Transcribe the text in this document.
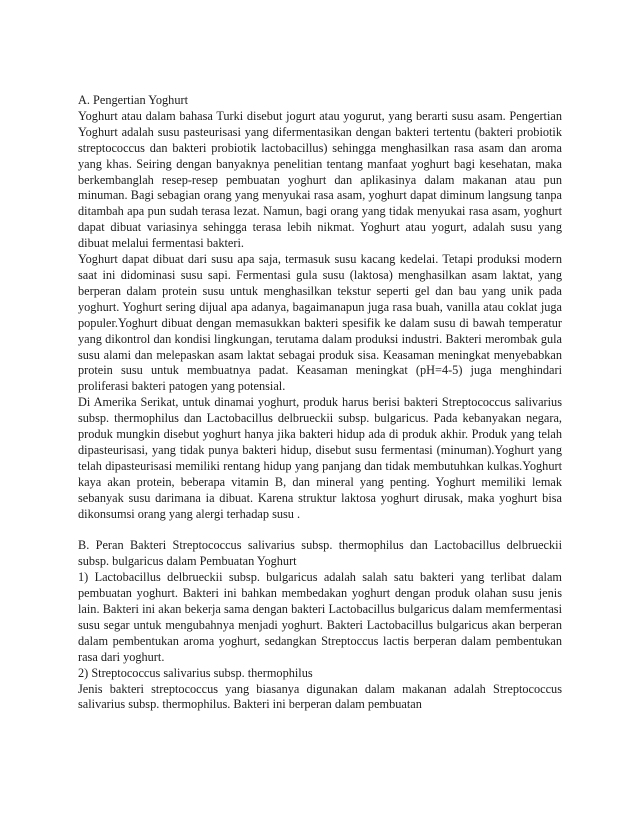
A. Pengertian Yoghurt

Yoghurt atau dalam bahasa Turki disebut jogurt atau yogurut, yang berarti susu asam. Pengertian Yoghurt adalah susu pasteurisasi yang difermentasikan dengan bakteri tertentu (bakteri probiotik streptococcus dan bakteri probiotik lactobacillus) sehingga menghasilkan rasa asam dan aroma yang khas. Seiring dengan banyaknya penelitian tentang manfaat yoghurt bagi kesehatan, maka berkembanglah resep-resep pembuatan yoghurt dan aplikasinya dalam makanan atau pun minuman. Bagi sebagian orang yang menyukai rasa asam, yoghurt dapat diminum langsung tanpa ditambah apa pun sudah terasa lezat. Namun, bagi orang yang tidak menyukai rasa asam, yoghurt dapat dibuat variasinya sehingga terasa lebih nikmat. Yoghurt atau yogurt, adalah susu yang dibuat melalui fermentasi bakteri.

Yoghurt dapat dibuat dari susu apa saja, termasuk susu kacang kedelai. Tetapi produksi modern saat ini didominasi susu sapi. Fermentasi gula susu (laktosa) menghasilkan asam laktat, yang berperan dalam protein susu untuk menghasilkan tekstur seperti gel dan bau yang unik pada yoghurt. Yoghurt sering dijual apa adanya, bagaimanapun juga rasa buah, vanilla atau coklat juga populer.Yoghurt dibuat dengan memasukkan bakteri spesifik ke dalam susu di bawah temperatur yang dikontrol dan kondisi lingkungan, terutama dalam produksi industri. Bakteri merombak gula susu alami dan melepaskan asam laktat sebagai produk sisa. Keasaman meningkat menyebabkan protein susu untuk membuatnya padat. Keasaman meningkat (pH=4-5) juga menghindari proliferasi bakteri patogen yang potensial.

Di Amerika Serikat, untuk dinamai yoghurt, produk harus berisi bakteri Streptococcus salivarius subsp. thermophilus dan Lactobacillus delbrueckii subsp. bulgaricus. Pada kebanyakan negara, produk mungkin disebut yoghurt hanya jika bakteri hidup ada di produk akhir. Produk yang telah dipasteurisasi, yang tidak punya bakteri hidup, disebut susu fermentasi (minuman).Yoghurt yang telah dipasteurisasi memiliki rentang hidup yang panjang dan tidak membutuhkan kulkas.Yoghurt kaya akan protein, beberapa vitamin B, dan mineral yang penting. Yoghurt memiliki lemak sebanyak susu darimana ia dibuat. Karena struktur laktosa yoghurt dirusak, maka yoghurt bisa dikonsumsi orang yang alergi terhadap susu .

B. Peran Bakteri Streptococcus salivarius subsp. thermophilus dan Lactobacillus delbrueckii subsp. bulgaricus dalam Pembuatan Yoghurt

1) Lactobacillus delbrueckii subsp. bulgaricus adalah salah satu bakteri yang terlibat dalam pembuatan yoghurt. Bakteri ini bahkan membedakan yoghurt dengan produk olahan susu jenis lain. Bakteri ini akan bekerja sama dengan bakteri Lactobacillus bulgaricus dalam memfermentasi susu segar untuk mengubahnya menjadi yoghurt. Bakteri Lactobacillus bulgaricus akan berperan dalam pembentukan aroma yoghurt, sedangkan Streptoccus lactis berperan dalam pembentukan rasa dari yoghurt.

2) Streptococcus salivarius subsp. thermophilus

Jenis bakteri streptococcus yang biasanya digunakan dalam makanan adalah Streptococcus salivarius subsp. thermophilus. Bakteri ini berperan dalam pembuatan
